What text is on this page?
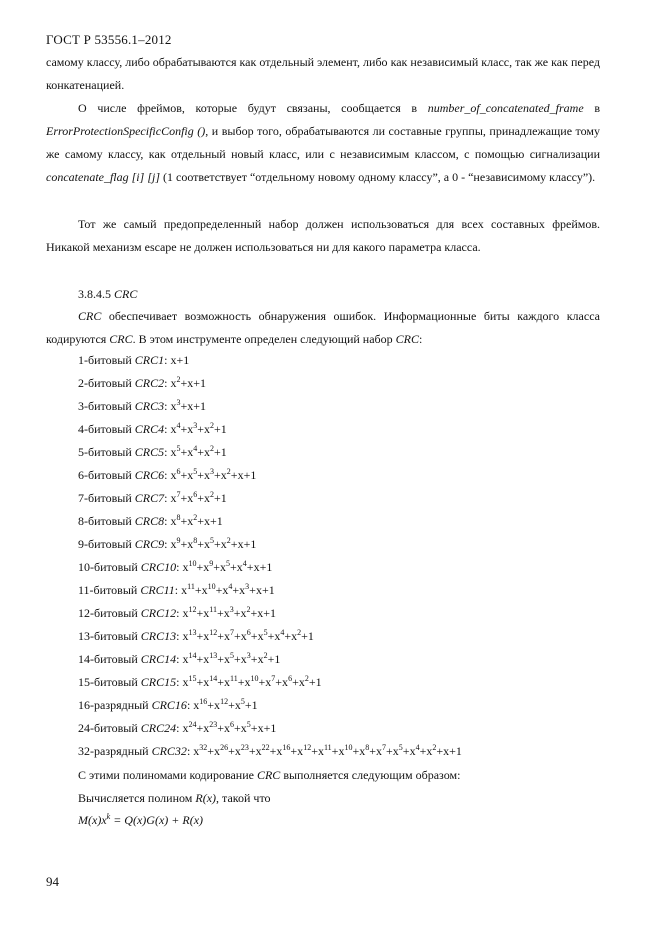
ГОСТ Р 53556.1–2012
самому классу, либо обрабатываются как отдельный элемент, либо как независимый класс, так же как перед конкатенацией.
О числе фреймов, которые будут связаны, сообщается в number_of_concatenated_frame в ErrorProtectionSpecificConfig (), и выбор того, обрабатываются ли составные группы, принадлежащие тому же самому классу, как отдельный новый класс, или с независимым классом, с помощью сигнализации concatenate_flag [i] [j] (1 соответствует “отдельному новому одному классу”, а 0 - “независимому классу”).
Тот же самый предопределенный набор должен использоваться для всех составных фреймов. Никакой механизм escape не должен использоваться ни для какого параметра класса.
3.8.4.5 CRC
CRC обеспечивает возможность обнаружения ошибок. Информационные биты каждого класса кодируются CRC. В этом инструменте определен следующий набор CRC:
1-битовый CRC1: x+1
2-битовый CRC2: $x^2+x+1$
3-битовый CRC3: $x^3+x+1$
4-битовый CRC4: $x^4+x^3+x^2+1$
5-битовый CRC5: $x^5+x^4+x^2+1$
6-битовый CRC6: $x^6+x^5+x^3+x^2+x+1$
7-битовый CRC7: $x^7+x^6+x^2+1$
8-битовый CRC8: $x^8+x^2+x+1$
9-битовый CRC9: $x^9+x^8+x^5+x^2+x+1$
10-битовый CRC10: $x^{10}+x^9+x^5+x^4+x+1$
11-битовый CRC11: $x^{11}+x^{10}+x^4+x^3+x+1$
12-битовый CRC12: $x^{12}+x^{11}+x^3+x^2+x+1$
13-битовый CRC13: $x^{13}+x^{12}+x^7+x^6+x^5+x^4+x^2+1$
14-битовый CRC14: $x^{14}+x^{13}+x^5+x^3+x^2+1$
15-битовый CRC15: $x^{15}+x^{14}+x^{11}+x^{10}+x^7+x^6+x^2+1$
16-разрядный CRC16: $x^{16}+x^{12}+x^5+1$
24-битовый CRC24: $x^{24}+x^{23}+x^6+x^5+x+1$
32-разрядный CRC32: $x^{32}+x^{26}+x^{23}+x^{22}+x^{16}+x^{12}+x^{11}+x^{10}+x^8+x^7+x^5+x^4+x^2+x+1$
С этими полиномами кодирование CRC выполняется следующим образом:
Вычисляется полином R(x), такой что
$M(x)x^k = Q(x)G(x) + R(x)$
94
